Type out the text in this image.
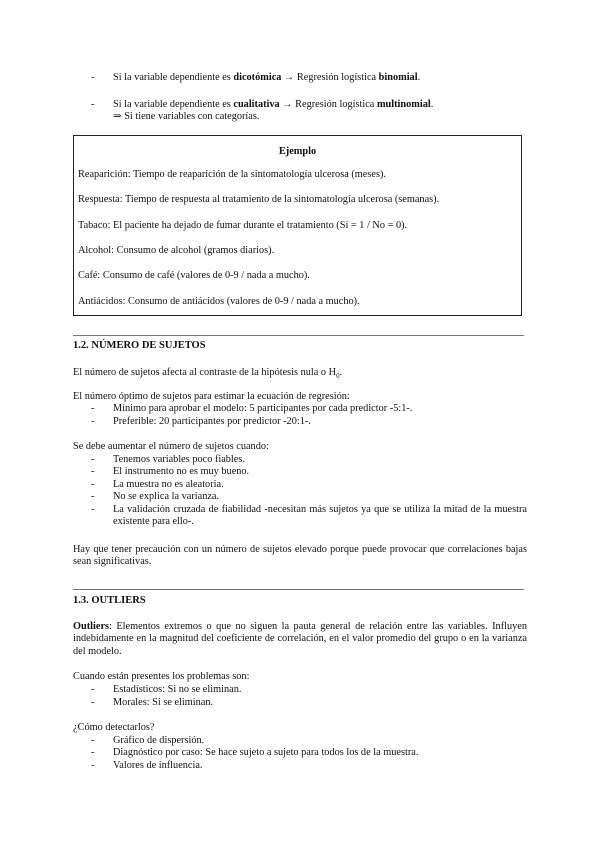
- Si la variable dependiente es dicotómica → Regresión logística binomial.
- Si la variable dependiente es cualitativa → Regresión logística multinomial.
⇒ Si tiene variables con categorías.
Ejemplo
Reaparición: Tiempo de reaparición de la sintomatología ulcerosa (meses).
Respuesta: Tiempo de respuesta al tratamiento de la sintomatología ulcerosa (semanas).
Tabaco: El paciente ha dejado de fumar durante el tratamiento (Sí = 1 / No = 0).
Alcohol: Consumo de alcohol (gramos diarios).
Café: Consumo de café (valores de 0-9 / nada a mucho).
Antiácidos: Consumo de antiácidos (valores de 0-9 / nada a mucho).
1.2. NÚMERO DE SUJETOS
El número de sujetos afecta al contraste de la hipótesis nula o $H_0$.
El número óptimo de sujetos para estimar la ecuación de regresión:
- Mínimo para aprobar el modelo: 5 participantes por cada predictor -5:1-.
- Preferible: 20 participantes por predictor -20:1-.
Se debe aumentar el número de sujetos cuando:
- Tenemos variables poco fiables.
- El instrumento no es muy bueno.
- La muestra no es aleatoria.
- No se explica la varianza.
- La validación cruzada de fiabilidad -necesitan más sujetos ya que se utiliza la mitad de la muestra existente para ello-.
Hay que tener precaución con un número de sujetos elevado porque puede provocar que correlaciones bajas sean significativas.
1.3. OUTLIERS
Outliers: Elementos extremos o que no siguen la pauta general de relación entre las variables. Influyen indebidamente en la magnitud del coeficiente de correlación, en el valor promedio del grupo o en la varianza del modelo.
Cuando están presentes los problemas son:
- Estadísticos: Si no se eliminan.
- Morales: Si se eliminan.
¿Cómo detectarlos?
- Gráfico de dispersión.
- Diagnóstico por caso: Se hace sujeto a sujeto para todos los de la muestra.
- Valores de influencia.
